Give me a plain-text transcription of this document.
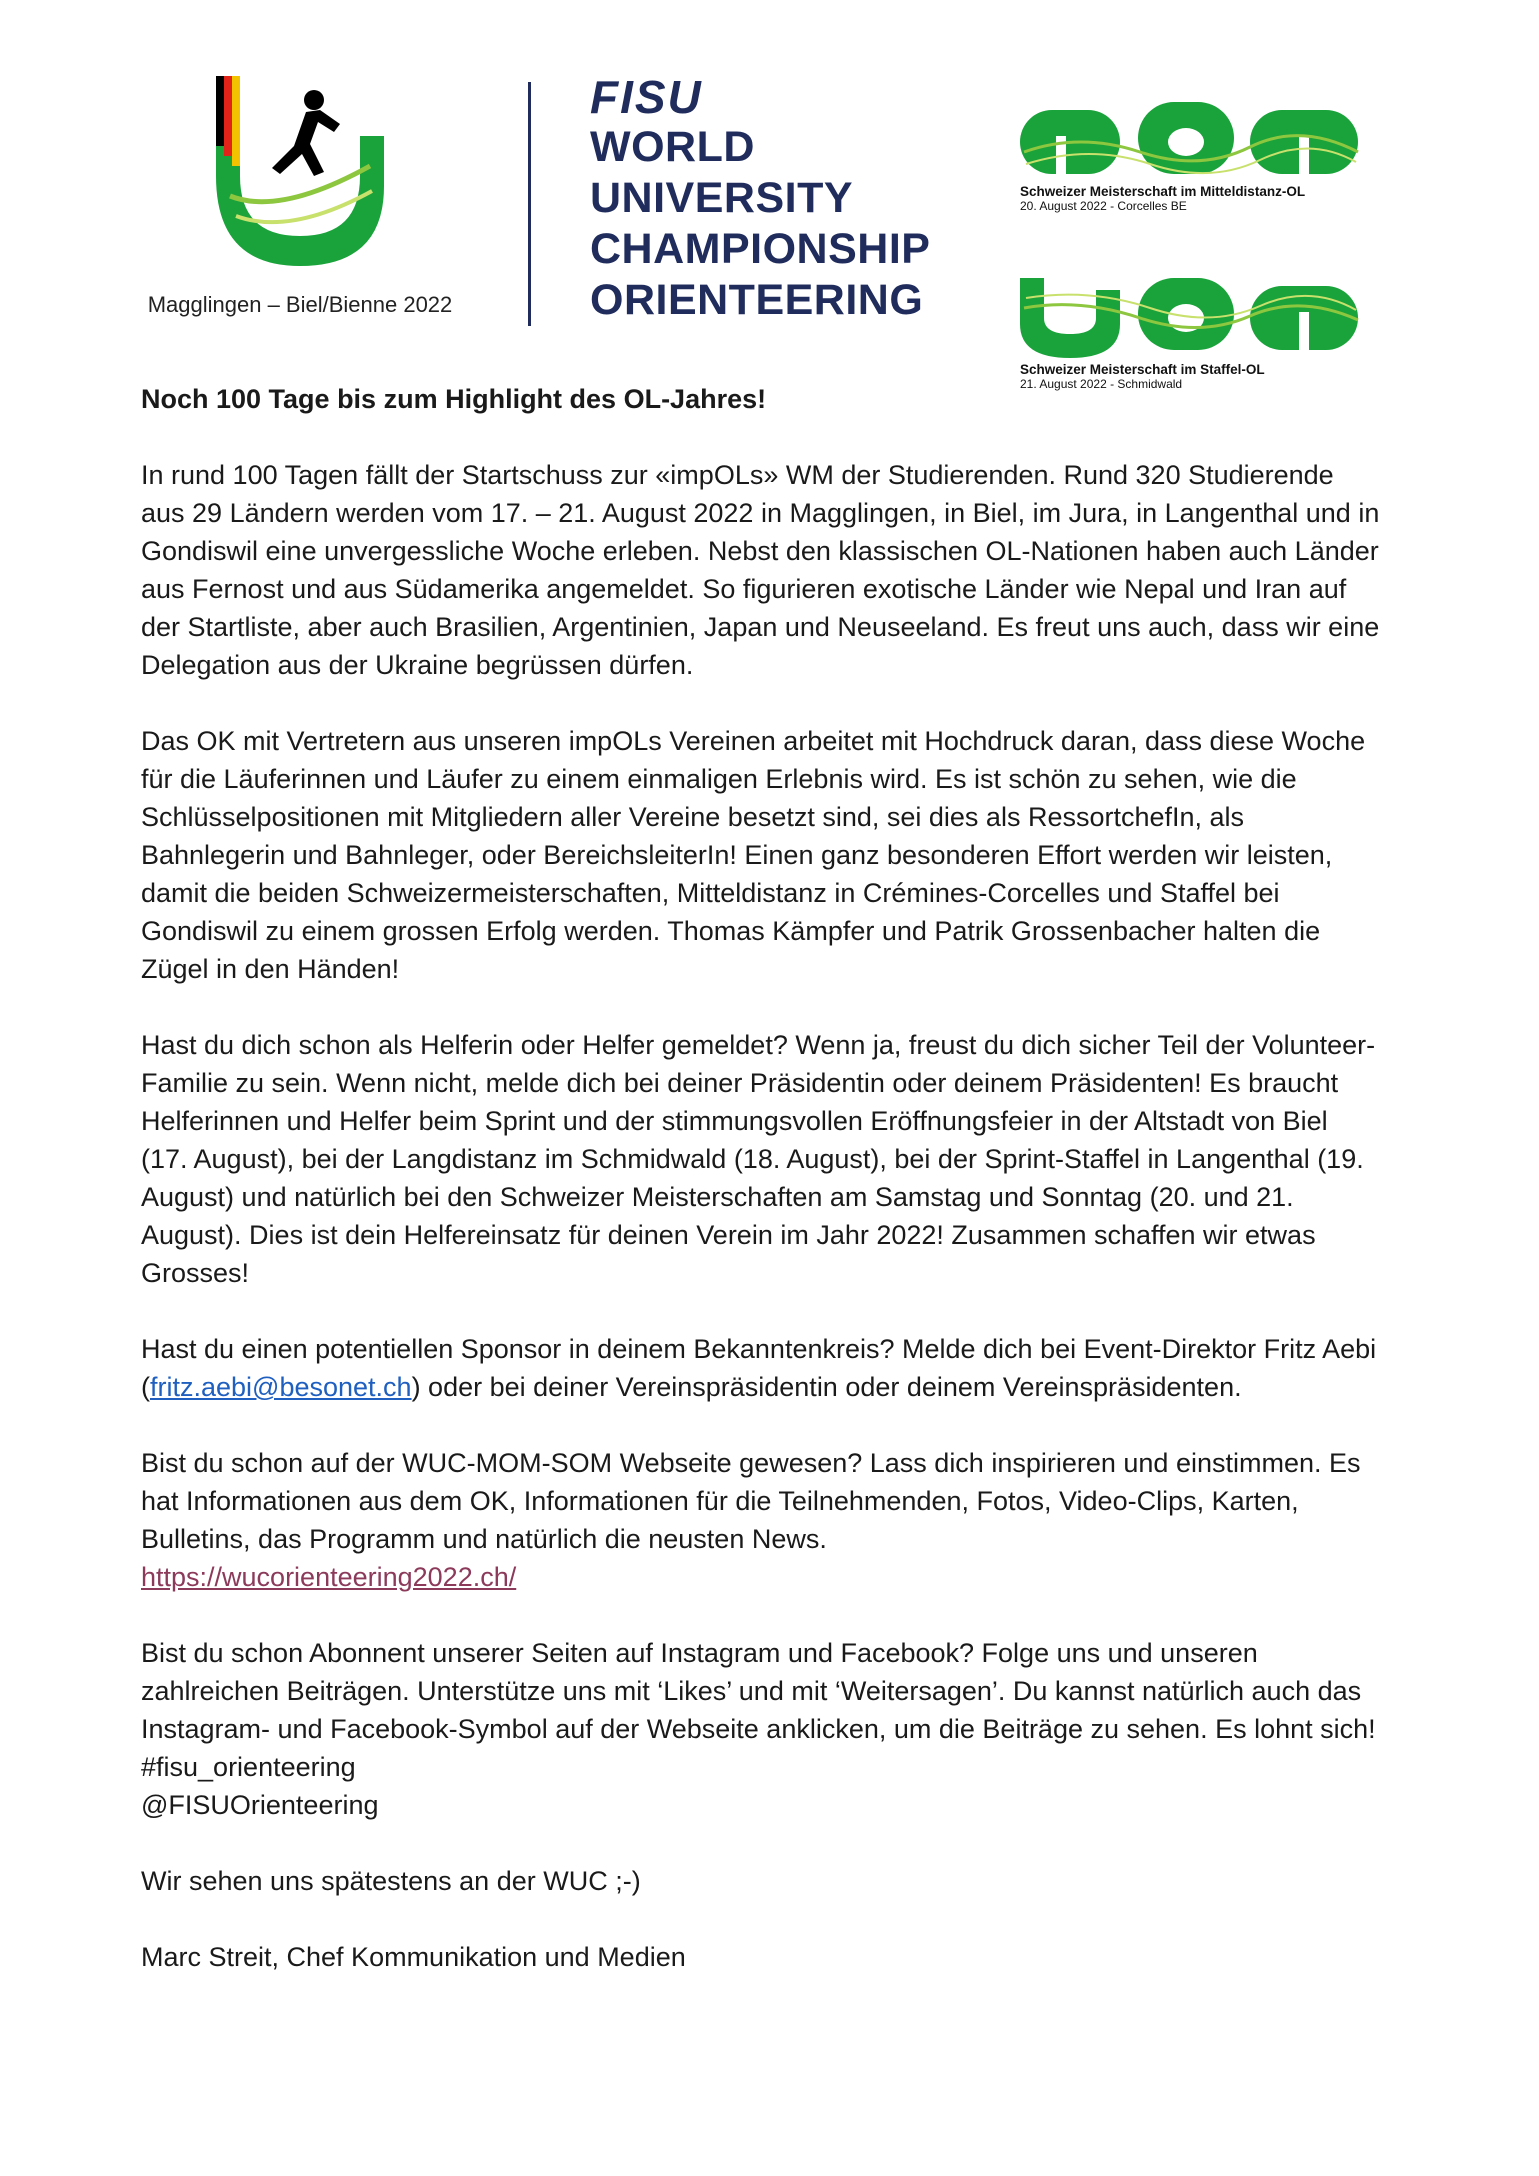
Magglingen – Biel/Bienne 2022
FISU
WORLD
UNIVERSITY
CHAMPIONSHIP
ORIENTEERING
Schweizer Meisterschaft im Mitteldistanz-OL
20. August 2022 - Corcelles BE
Schweizer Meisterschaft im Staffel-OL
21. August 2022 - Schmidwald

Noch 100 Tage bis zum Highlight des OL-Jahres!

In rund 100 Tagen fällt der Startschuss zur «impOLs» WM der Studierenden. Rund 320 Studierende aus 29 Ländern werden vom 17. – 21. August 2022 in Magglingen, in Biel, im Jura, in Langenthal und in Gondiswil eine unvergessliche Woche erleben. Nebst den klassischen OL-Nationen haben auch Länder aus Fernost und aus Südamerika angemeldet. So figurieren exotische Länder wie Nepal und Iran auf der Startliste, aber auch Brasilien, Argentinien, Japan und Neuseeland. Es freut uns auch, dass wir eine Delegation aus der Ukraine begrüssen dürfen.

Das OK mit Vertretern aus unseren impOLs Vereinen arbeitet mit Hochdruck daran, dass diese Woche für die Läuferinnen und Läufer zu einem einmaligen Erlebnis wird. Es ist schön zu sehen, wie die Schlüsselpositionen mit Mitgliedern aller Vereine besetzt sind, sei dies als RessortchefIn, als Bahnlegerin und Bahnleger, oder BereichsleiterIn! Einen ganz besonderen Effort werden wir leisten, damit die beiden Schweizermeisterschaften, Mitteldistanz in Crémines-Corcelles und Staffel bei Gondiswil zu einem grossen Erfolg werden. Thomas Kämpfer und Patrik Grossenbacher halten die Zügel in den Händen!

Hast du dich schon als Helferin oder Helfer gemeldet? Wenn ja, freust du dich sicher Teil der Volunteer-Familie zu sein. Wenn nicht, melde dich bei deiner Präsidentin oder deinem Präsidenten! Es braucht Helferinnen und Helfer beim Sprint und der stimmungsvollen Eröffnungsfeier in der Altstadt von Biel (17. August), bei der Langdistanz im Schmidwald (18. August), bei der Sprint-Staffel in Langenthal (19. August) und natürlich bei den Schweizer Meisterschaften am Samstag und Sonntag (20. und 21. August). Dies ist dein Helfereinsatz für deinen Verein im Jahr 2022! Zusammen schaffen wir etwas Grosses!

Hast du einen potentiellen Sponsor in deinem Bekanntenkreis? Melde dich bei Event-Direktor Fritz Aebi (fritz.aebi@besonet.ch) oder bei deiner Vereinspräsidentin oder deinem Vereinspräsidenten.

Bist du schon auf der WUC-MOM-SOM Webseite gewesen? Lass dich inspirieren und einstimmen. Es hat Informationen aus dem OK, Informationen für die Teilnehmenden, Fotos, Video-Clips, Karten, Bulletins, das Programm und natürlich die neusten News.
https://wucorienteering2022.ch/

Bist du schon Abonnent unserer Seiten auf Instagram und Facebook? Folge uns und unseren zahlreichen Beiträgen. Unterstütze uns mit ‘Likes’ und mit ‘Weitersagen’. Du kannst natürlich auch das Instagram- und Facebook-Symbol auf der Webseite anklicken, um die Beiträge zu sehen. Es lohnt sich!
#fisu_orienteering
@FISUOrienteering

Wir sehen uns spätestens an der WUC ;-)

Marc Streit, Chef Kommunikation und Medien
